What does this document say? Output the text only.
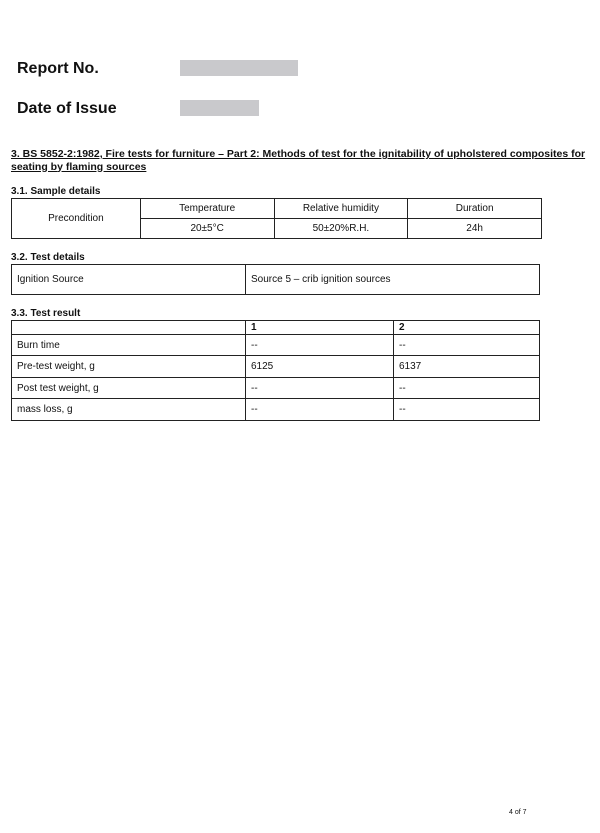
Report No.
Date of Issue
3. BS 5852-2:1982, Fire tests for furniture – Part 2: Methods of test for the ignitability of upholstered composites for seating by flaming sources
3.1. Sample details
Precondition	Temperature	Relative humidity	Duration
	20±5°C	50±20%R.H.	24h
3.2. Test details
Ignition Source	Source 5 – crib ignition sources
3.3. Test result
	1	2
Burn time	--	--
Pre-test weight, g	6125	6137
Post test weight, g	--	--
mass loss, g	--	--
4 of 7
